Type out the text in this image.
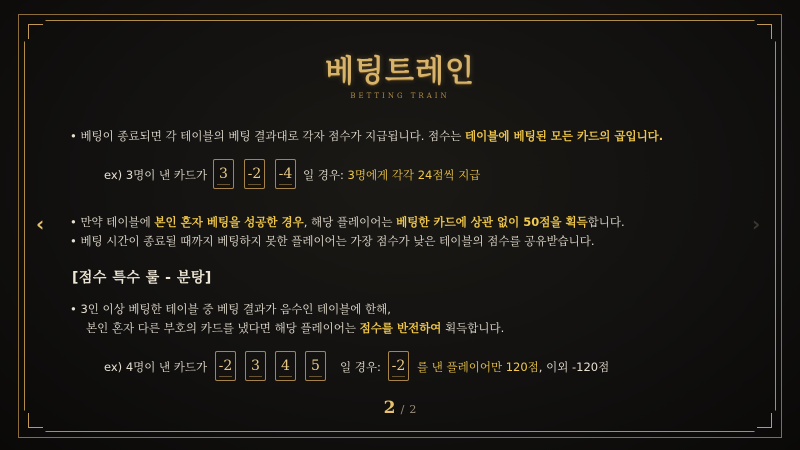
베팅트레인
BETTING TRAIN
• 베팅이 종료되면 각 테이블의 베팅 결과대로 각자 점수가 지급됩니다. 점수는 테이블에 베팅된 모든 카드의 곱입니다.
ex) 3명이 낸 카드가 3	-2 -4 일 경우: 3명에게 각각 24점씩 지급
• 만약 테이블에 본인 혼자 베팅을 성공한 경우, 해당 플레이어는 베팅한 카드에 상관 없이 50점을 획득합니다.
• 베팅 시간이 종료될 때까지 베팅하지 못한 플레이어는 가장 점수가 낮은 테이블의 점수를 공유받습니다.
[점수 특수 룰 - 분탕]
• 3인 이상 베팅한 테이블 중 베팅 결과가 음수인 테이블에 한해,
본인 혼자 다른 부호의 카드를 냈다면 해당 플레이어는 점수를 반전하여 획득합니다.
ex) 4명이 낸 카드가 -2	3	4	5	일 경우: -2	를 낸 플레이어만 120점, 이외 -120점
‹	›
2 / 2
